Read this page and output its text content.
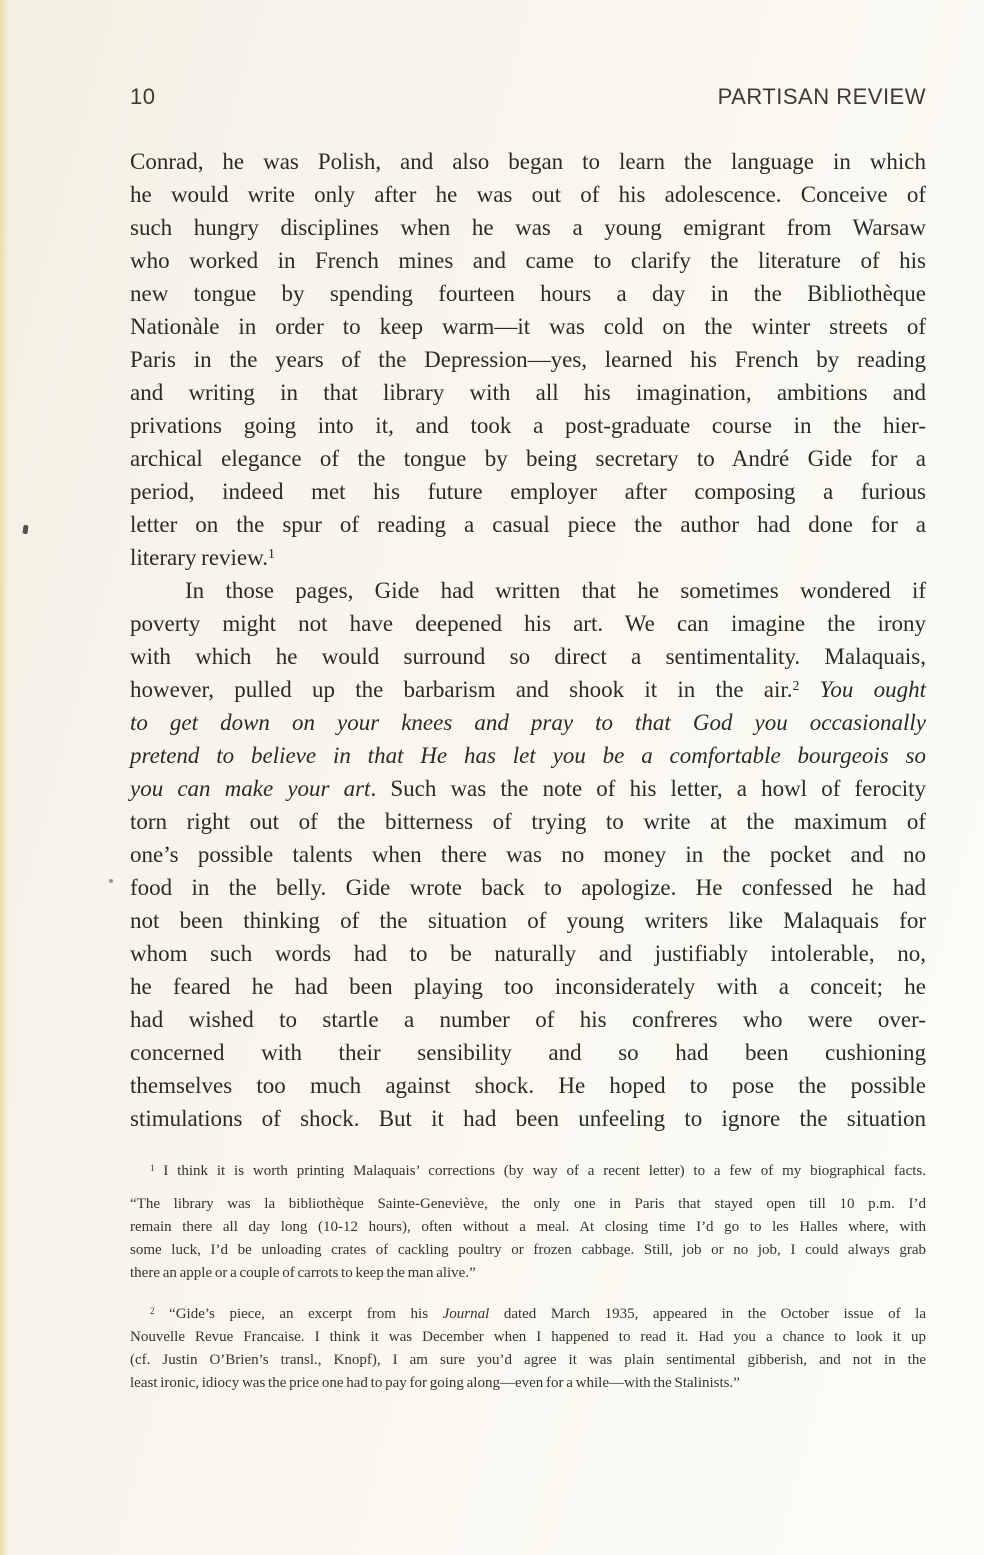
10	PARTISAN REVIEW
Conrad, he was Polish, and also began to learn the language in which
he would write only after he was out of his adolescence. Conceive of
such hungry disciplines when he was a young emigrant from Warsaw
who worked in French mines and came to clarify the literature of his
new tongue by spending fourteen hours a day in the Bibliothèque
Nationàle in order to keep warm—it was cold on the winter streets of
Paris in the years of the Depression—yes, learned his French by reading
and writing in that library with all his imagination, ambitions and
privations going into it, and took a post-graduate course in the hier-
archical elegance of the tongue by being secretary to André Gide for a
period, indeed met his future employer after composing a furious
letter on the spur of reading a casual piece the author had done for a
literary review.$^1$
In those pages, Gide had written that he sometimes wondered if
poverty might not have deepened his art. We can imagine the irony
with which he would surround so direct a sentimentality. Malaquais,
however, pulled up the barbarism and shook it in the air.$^2$ You ought
to get down on your knees and pray to that God you occasionally
pretend to believe in that He has let you be a comfortable bourgeois so
you can make your art. Such was the note of his letter, a howl of ferocity
torn right out of the bitterness of trying to write at the maximum of
one’s possible talents when there was no money in the pocket and no
food in the belly. Gide wrote back to apologize. He confessed he had
not been thinking of the situation of young writers like Malaquais for
whom such words had to be naturally and justifiably intolerable, no,
he feared he had been playing too inconsiderately with a conceit; he
had wished to startle a number of his confreres who were over-
concerned with their sensibility and so had been cushioning
themselves too much against shock. He hoped to pose the possible
stimulations of shock. But it had been unfeeling to ignore the situation
$^1$ I think it is worth printing Malaquais’ corrections (by way of a recent letter) to a few of my biographical facts.
“The library was la bibliothèque Sainte-Geneviève, the only one in Paris that stayed open till 10 p.m. I’d
remain there all day long (10-12 hours), often without a meal. At closing time I’d go to les Halles where, with
some luck, I’d be unloading crates of cackling poultry or frozen cabbage. Still, job or no job, I could always grab
there an apple or a couple of carrots to keep the man alive.”
$^2$ “Gide’s piece, an excerpt from his Journal dated March 1935, appeared in the October issue of la
Nouvelle Revue Francaise. I think it was December when I happened to read it. Had you a chance to look it up
(cf. Justin O’Brien’s transl., Knopf), I am sure you’d agree it was plain sentimental gibberish, and not in the
least ironic, idiocy was the price one had to pay for going along—even for a while—with the Stalinists.”
